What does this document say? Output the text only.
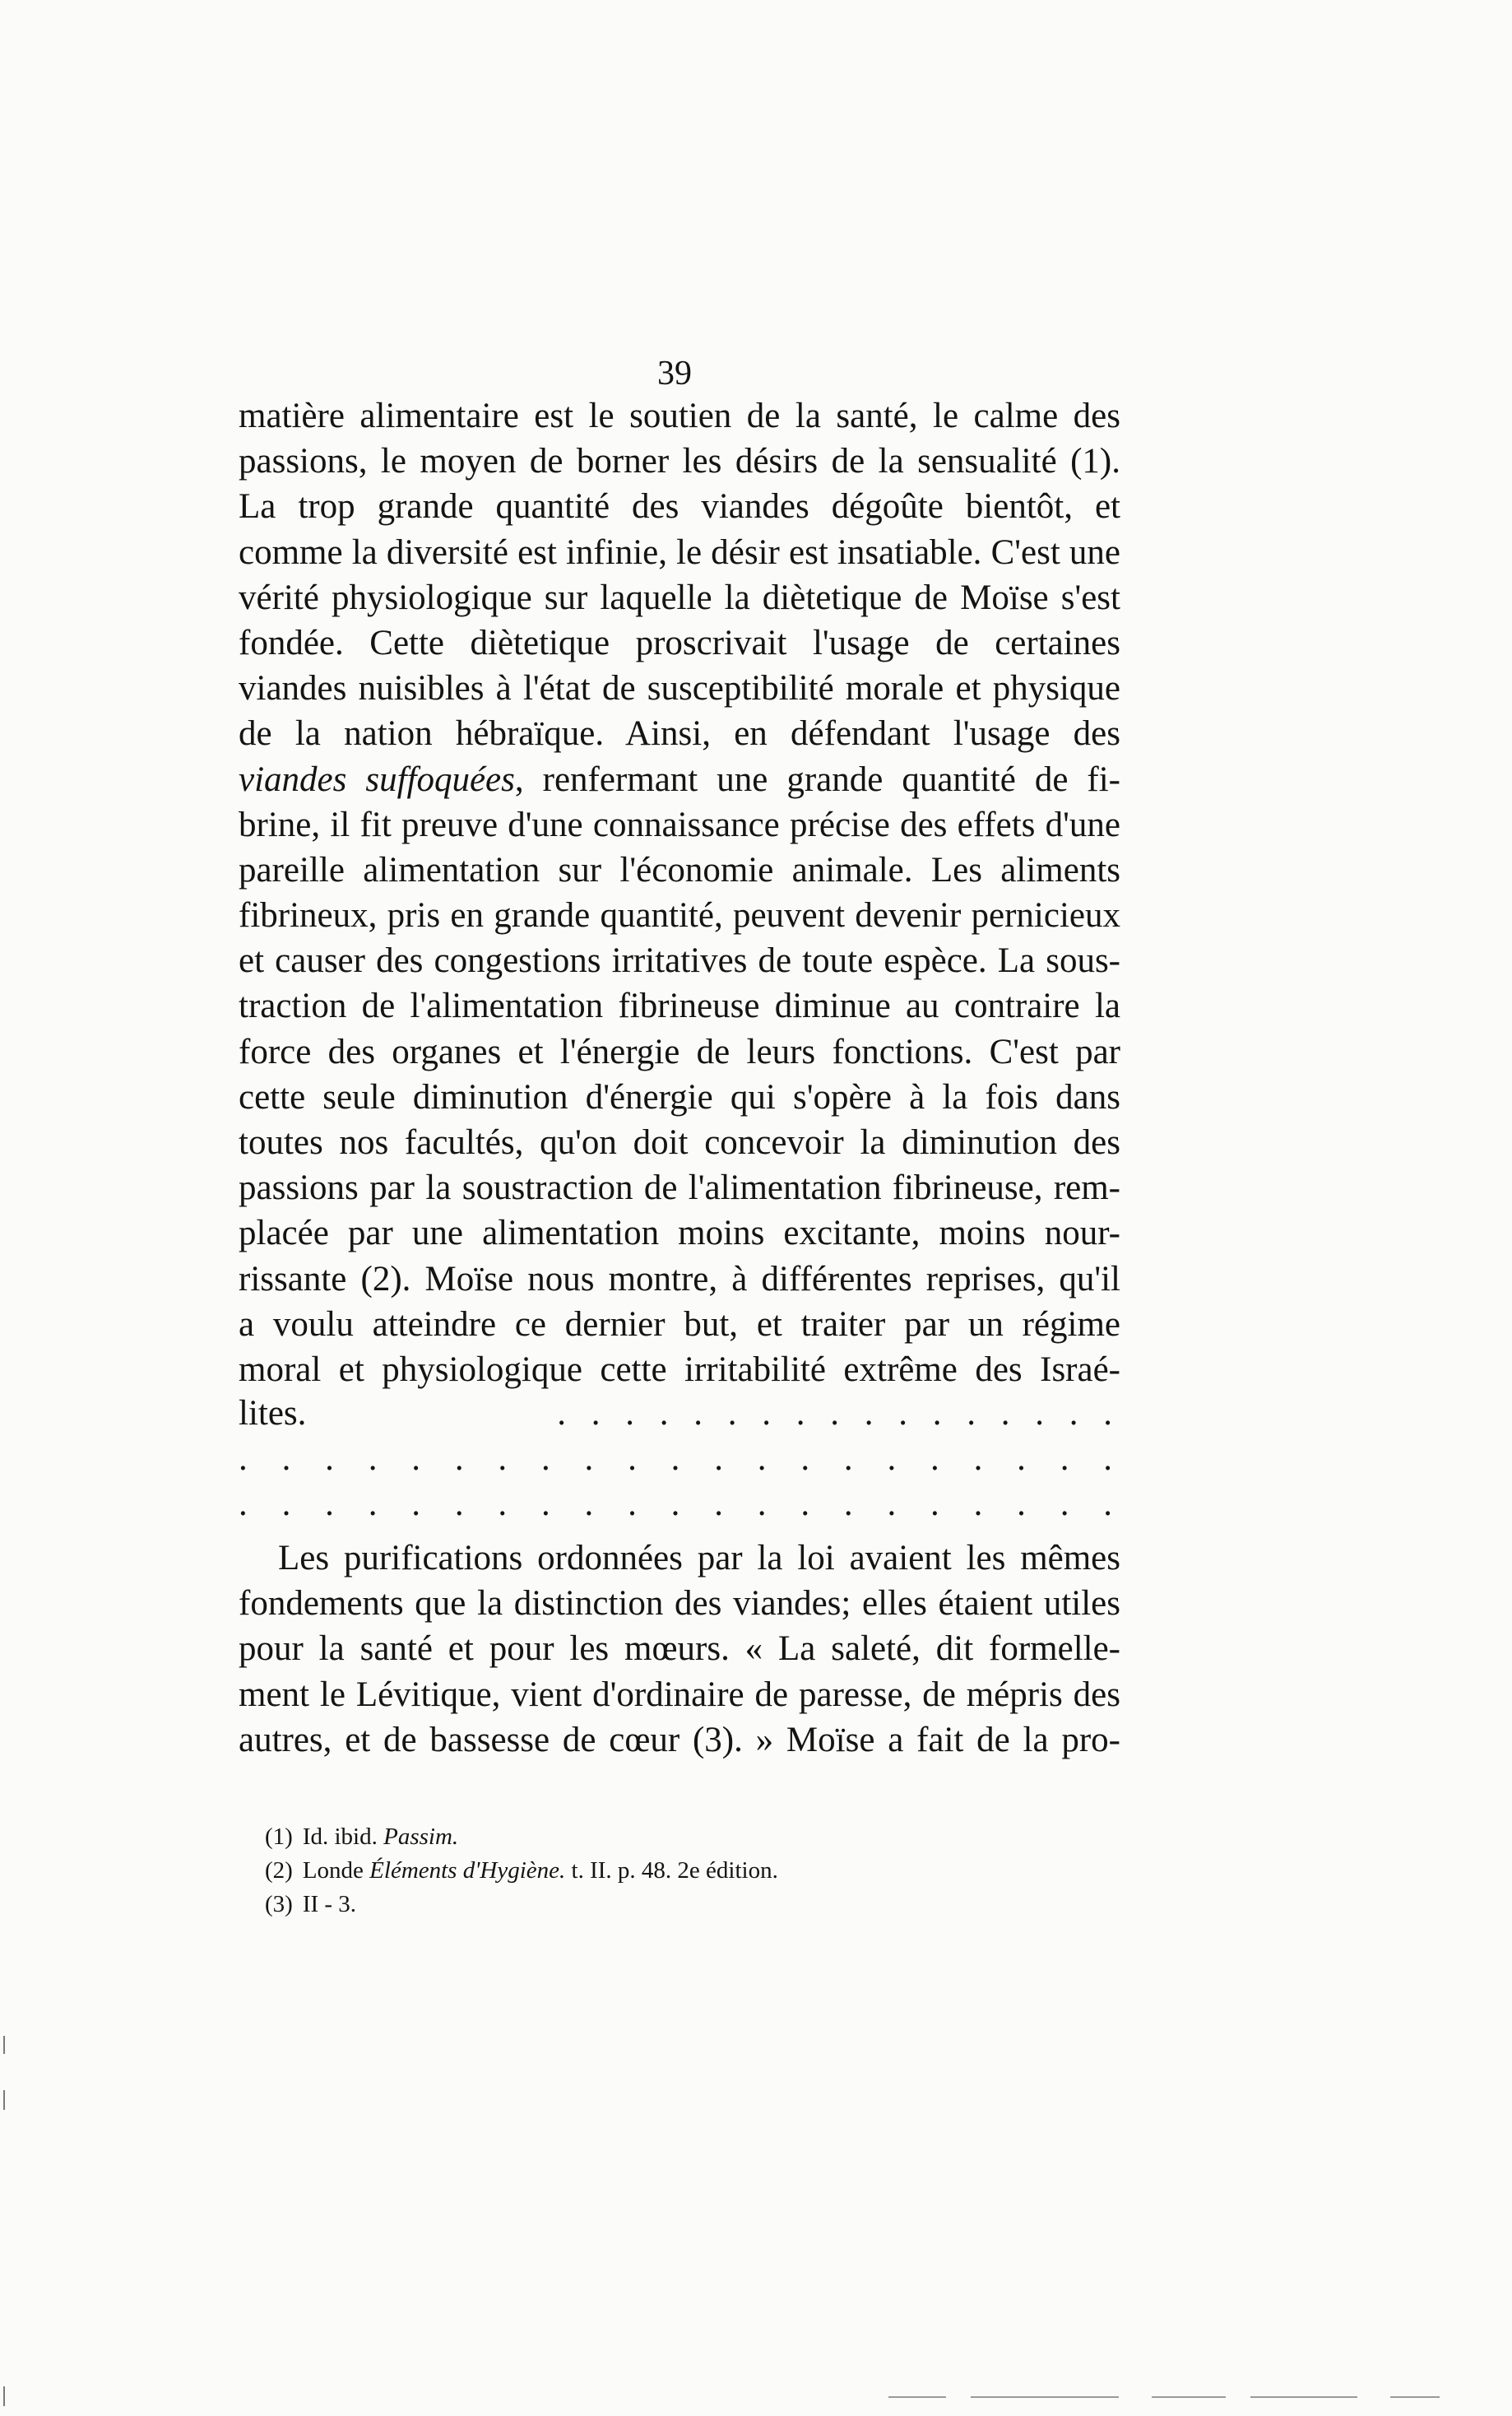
39
matière alimentaire est le soutien de la santé, le calme des
passions, le moyen de borner les désirs de la sensualité (1).
La trop grande quantité des viandes dégoûte bientôt, et
comme la diversité est infinie, le désir est insatiable. C'est une
vérité physiologique sur laquelle la diètetique de Moïse s'est
fondée. Cette diètetique proscrivait l'usage de certaines
viandes nuisibles à l'état de susceptibilité morale et physique
de la nation hébraïque. Ainsi, en défendant l'usage des
viandes suffoquées, renfermant une grande quantité de fi-
brine, il fit preuve d'une connaissance précise des effets d'une
pareille alimentation sur l'économie animale. Les aliments
fibrineux, pris en grande quantité, peuvent devenir pernicieux
et causer des congestions irritatives de toute espèce. La sous-
traction de l'alimentation fibrineuse diminue au contraire la
force des organes et l'énergie de leurs fonctions. C'est par
cette seule diminution d'énergie qui s'opère à la fois dans
toutes nos facultés, qu'on doit concevoir la diminution des
passions par la soustraction de l'alimentation fibrineuse, rem-
placée par une alimentation moins excitante, moins nour-
rissante (2). Moïse nous montre, à différentes reprises, qu'il
a voulu atteindre ce dernier but, et traiter par un régime
moral et physiologique cette irritabilité extrême des Israé-
lites.	. . . . . . . . . . . . . . . . .
. . . . . . . . . . . . . . . . . . . . .
. . . . . . . . . . . . . . . . . . . . .
Les purifications ordonnées par la loi avaient les mêmes
fondements que la distinction des viandes; elles étaient utiles
pour la santé et pour les mœurs. « La saleté, dit formelle-
ment le Lévitique, vient d'ordinaire de paresse, de mépris des
autres, et de bassesse de cœur (3). » Moïse a fait de la pro-
(1) Id. ibid. Passim.
(2) Londe Éléments d'Hygiène. t. II. p. 48. 2e édition.
(3) II - 3.
